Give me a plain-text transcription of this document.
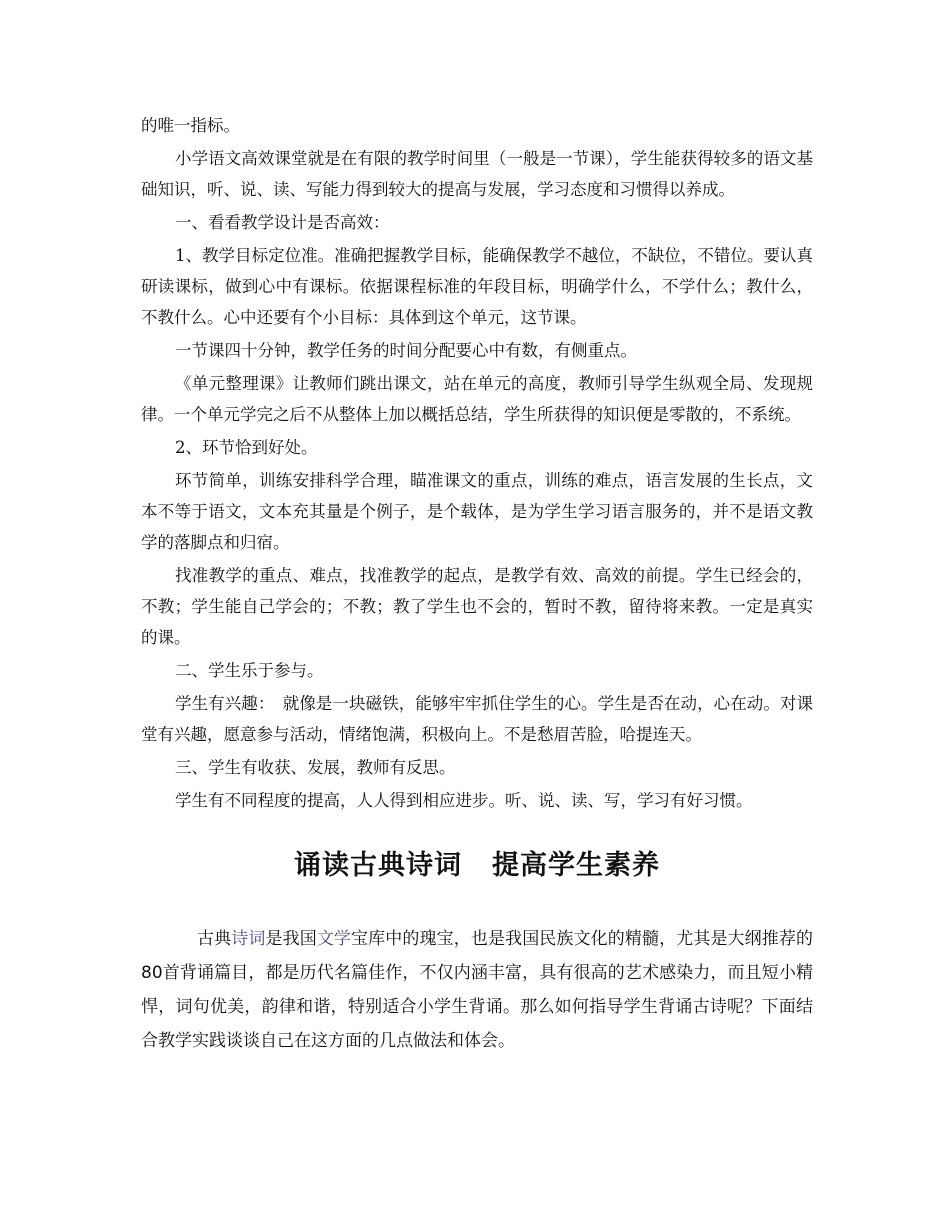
的唯一指标。

小学语文高效课堂就是在有限的教学时间里（一般是一节课），学生能获得较多的语文基础知识，听、说、读、写能力得到较大的提高与发展，学习态度和习惯得以养成。

一、看看教学设计是否高效：

1、教学目标定位准。准确把握教学目标，能确保教学不越位，不缺位，不错位。要认真研读课标，做到心中有课标。依据课程标准的年段目标，明确学什么，不学什么；教什么，不教什么。心中还要有个小目标：具体到这个单元，这节课。

一节课四十分钟，教学任务的时间分配要心中有数，有侧重点。

《单元整理课》让教师们跳出课文，站在单元的高度，教师引导学生纵观全局、发现规律。一个单元学完之后不从整体上加以概括总结，学生所获得的知识便是零散的，不系统。

2、环节恰到好处。

环节简单，训练安排科学合理，瞄准课文的重点，训练的难点，语言发展的生长点，文本不等于语文，文本充其量是个例子，是个载体，是为学生学习语言服务的，并不是语文教学的落脚点和归宿。

找准教学的重点、难点，找准教学的起点，是教学有效、高效的前提。学生已经会的，不教；学生能自己学会的；不教；教了学生也不会的，暂时不教，留待将来教。一定是真实的课。

二、学生乐于参与。

学生有兴趣：　就像是一块磁铁，能够牢牢抓住学生的心。学生是否在动，心在动。对课堂有兴趣，愿意参与活动，情绪饱满，积极向上。不是愁眉苦脸，哈提连天。

三、学生有收获、发展，教师有反思。

学生有不同程度的提高，人人得到相应进步。听、说、读、写，学习有好习惯。

诵读古典诗词 提高学生素养

古典诗词是我国文学宝库中的瑰宝，也是我国民族文化的精髓，尤其是大纲推荐的80首背诵篇目，都是历代名篇佳作，不仅内涵丰富，具有很高的艺术感染力，而且短小精悍，词句优美，韵律和谐，特别适合小学生背诵。那么如何指导学生背诵古诗呢？下面结合教学实践谈谈自己在这方面的几点做法和体会。
